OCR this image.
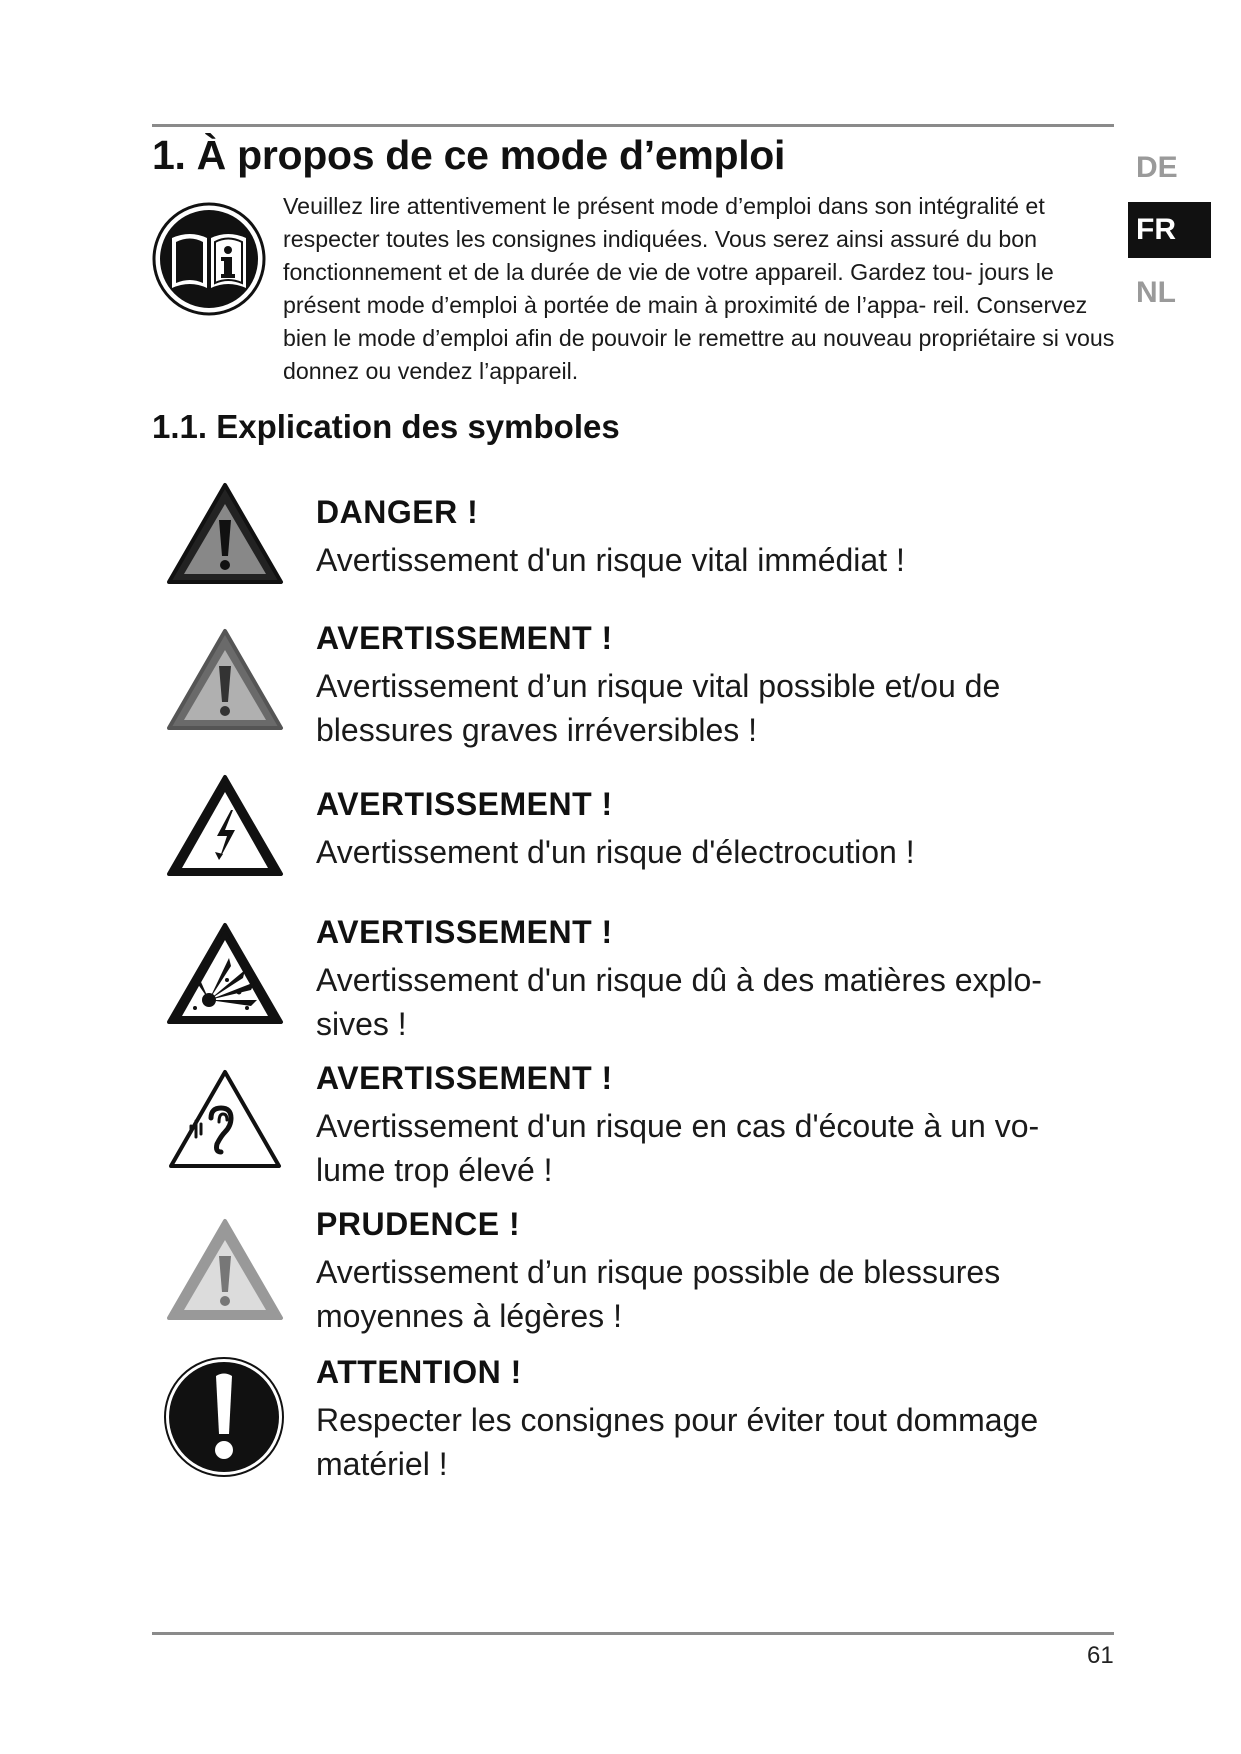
1. À propos de ce mode d’emploi

Veuillez lire attentivement le présent mode d’emploi dans son intégralité et respecter toutes les consignes indiquées. Vous serez ainsi assuré du bon fonctionnement et de la durée de vie de votre appareil. Gardez tou- jours le présent mode d’emploi à portée de main à proximité de l’appa- reil. Conservez bien le mode d’emploi afin de pouvoir le remettre au nouveau propriétaire si vous donnez ou vendez l’appareil.

DE
FR
NL
1.1. Explication des symboles
DANGER !

Avertissement d'un risque vital immédiat !

AVERTISSEMENT !

Avertissement d’un risque vital possible et/ou de blessures graves irréversibles !

AVERTISSEMENT !

Avertissement d'un risque d'électrocution !

AVERTISSEMENT !

Avertissement d'un risque dû à des matières explo- sives !

AVERTISSEMENT !

Avertissement d'un risque en cas d'écoute à un vo- lume trop élevé !

PRUDENCE !

Avertissement d’un risque possible de blessures moyennes à légères !

ATTENTION !

Respecter les consignes pour éviter tout dommage matériel !

61
